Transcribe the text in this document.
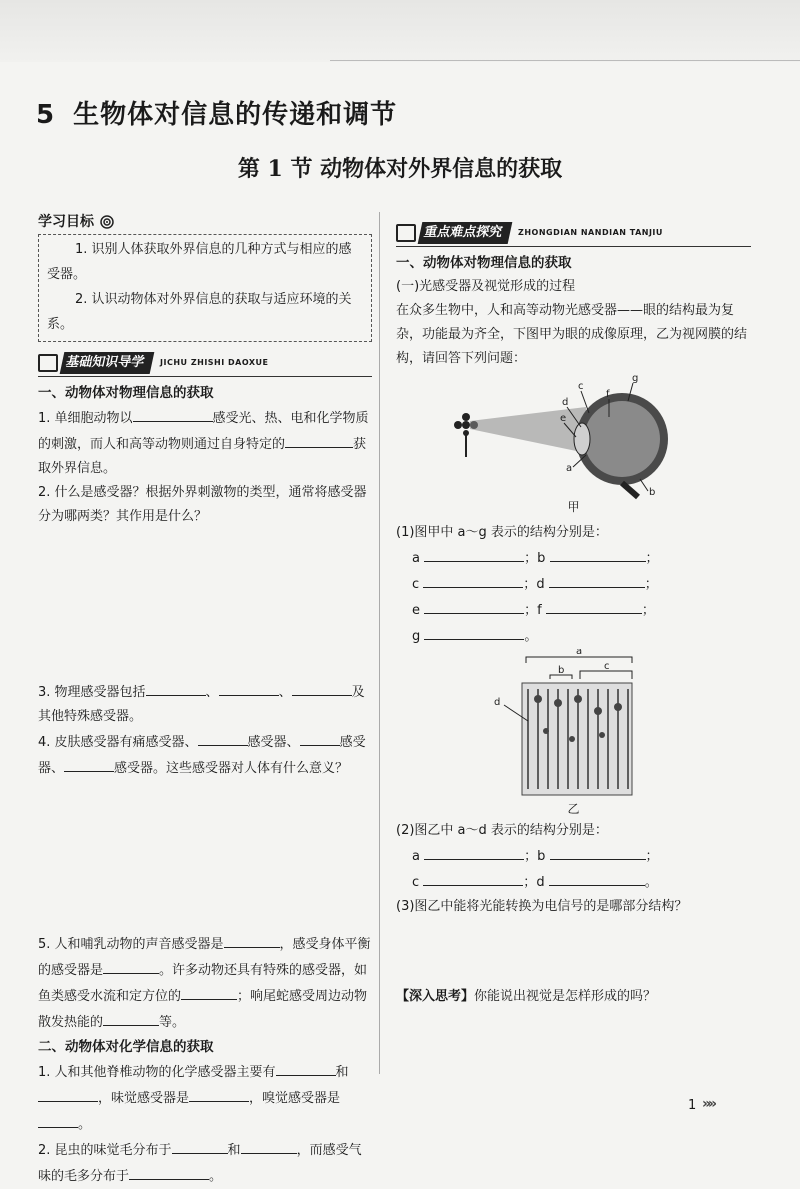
5 生物体对信息的传递和调节
第 1 节 动物体对外界信息的获取
学习目标

1. 识别人体获取外界信息的几种方式与相应的感受器。

2. 认识动物体对外界信息的获取与适应环境的关系。

基础知识导学	JICHU ZHISHI DAOXUE
一、动物体对物理信息的获取

1. 单细胞动物以	感受光、热、电和化学物质的刺激，而人和高等动物则通过自身特定的	获取外界信息。

2. 什么是感受器？根据外界刺激物的类型，通常将感受器分为哪两类？其作用是什么？

3. 物理感受器包括	、	、	及其他特殊感受器。

4. 皮肤感受器有痛感受器、	感受器、	感受器、	感受器。这些感受器对人体有什么意义？

5. 人和哺乳动物的声音感受器是	，感受身体平衡的感受器是	。许多动物还具有特殊的感受器，如鱼类感受水流和定方位的	；响尾蛇感受周边动物散发热能的	等。

二、动物体对化学信息的获取

1. 人和其他脊椎动物的化学感受器主要有	和，味觉感受器是	，嗅觉感受器是。

2. 昆虫的味觉毛分布于	和	，而感受气味的毛多分布于	。

重点难点探究	ZHONGDIAN NANDIAN TANJIU
一、动物体对物理信息的获取
(一)光感受器及视觉形成的过程

在众多生物中，人和高等动物光感受器——眼的结构最为复杂，功能最为齐全，下图甲为眼的成像原理，乙为视网膜的结构，请回答下列问题：

c
d
e
f
g
a
b
甲

(1)图甲中 a～g 表示的结构分别是：

a	；b	；
c	；d	；
e	；f	；
g	。
a
b	c
d
乙

(2)图乙中 a～d 表示的结构分别是：

a	；b	；
c	；d	。

(3)图乙中能将光能转换为电信号的是哪部分结构？

【深入思考】你能说出视觉是怎样形成的吗？

1 »»
